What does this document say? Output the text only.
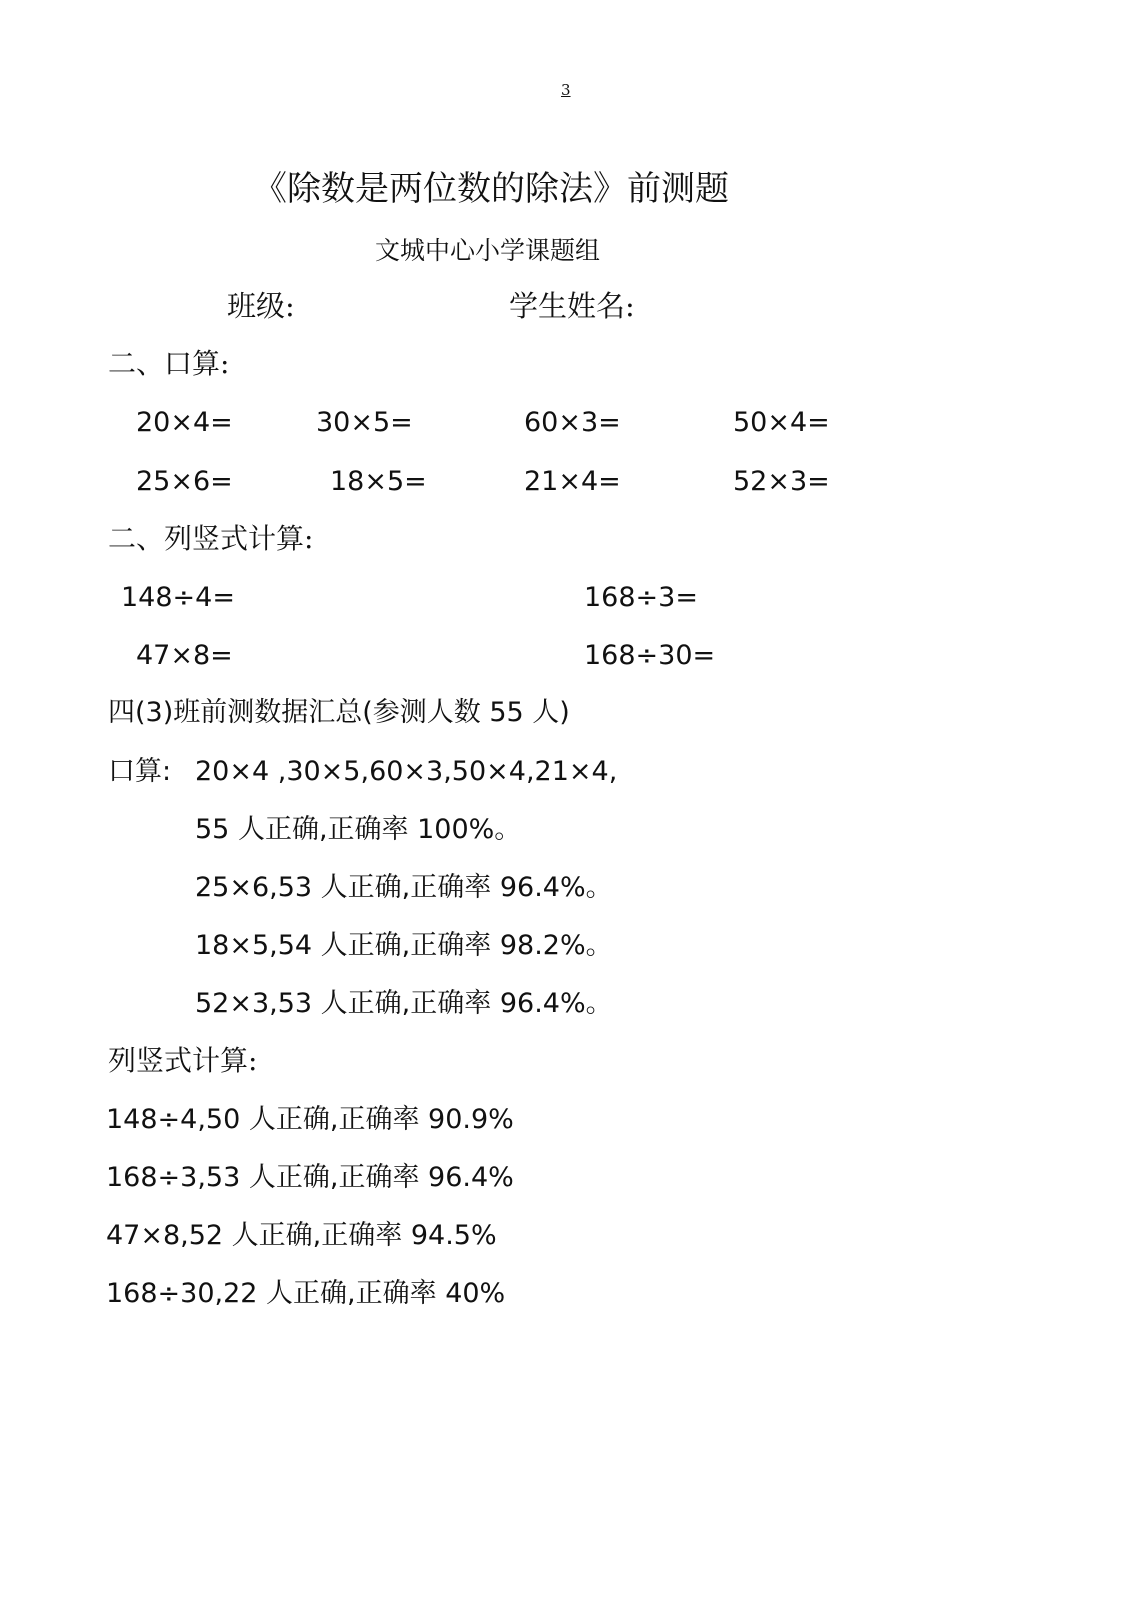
3
《除数是两位数的除法》前测题
文城中心小学课题组
班级:	学生姓名:
二、口算:
20×4=	30×5=	60×3=	50×4=
25×6=	18×5=	21×4=	52×3=
二、列竖式计算:
148÷4=	168÷3=
47×8=	168÷30=
四(3)班前测数据汇总(参测人数 55 人)
口算: 20×4 ,30×5,60×3,50×4,21×4,
55 人正确,正确率 100%。
25×6,53 人正确,正确率 96.4%。
18×5,54 人正确,正确率 98.2%。
52×3,53 人正确,正确率 96.4%。
列竖式计算:
148÷4,50 人正确,正确率 90.9%
168÷3,53 人正确,正确率 96.4%
47×8,52 人正确,正确率 94.5%
168÷30,22 人正确,正确率 40%
